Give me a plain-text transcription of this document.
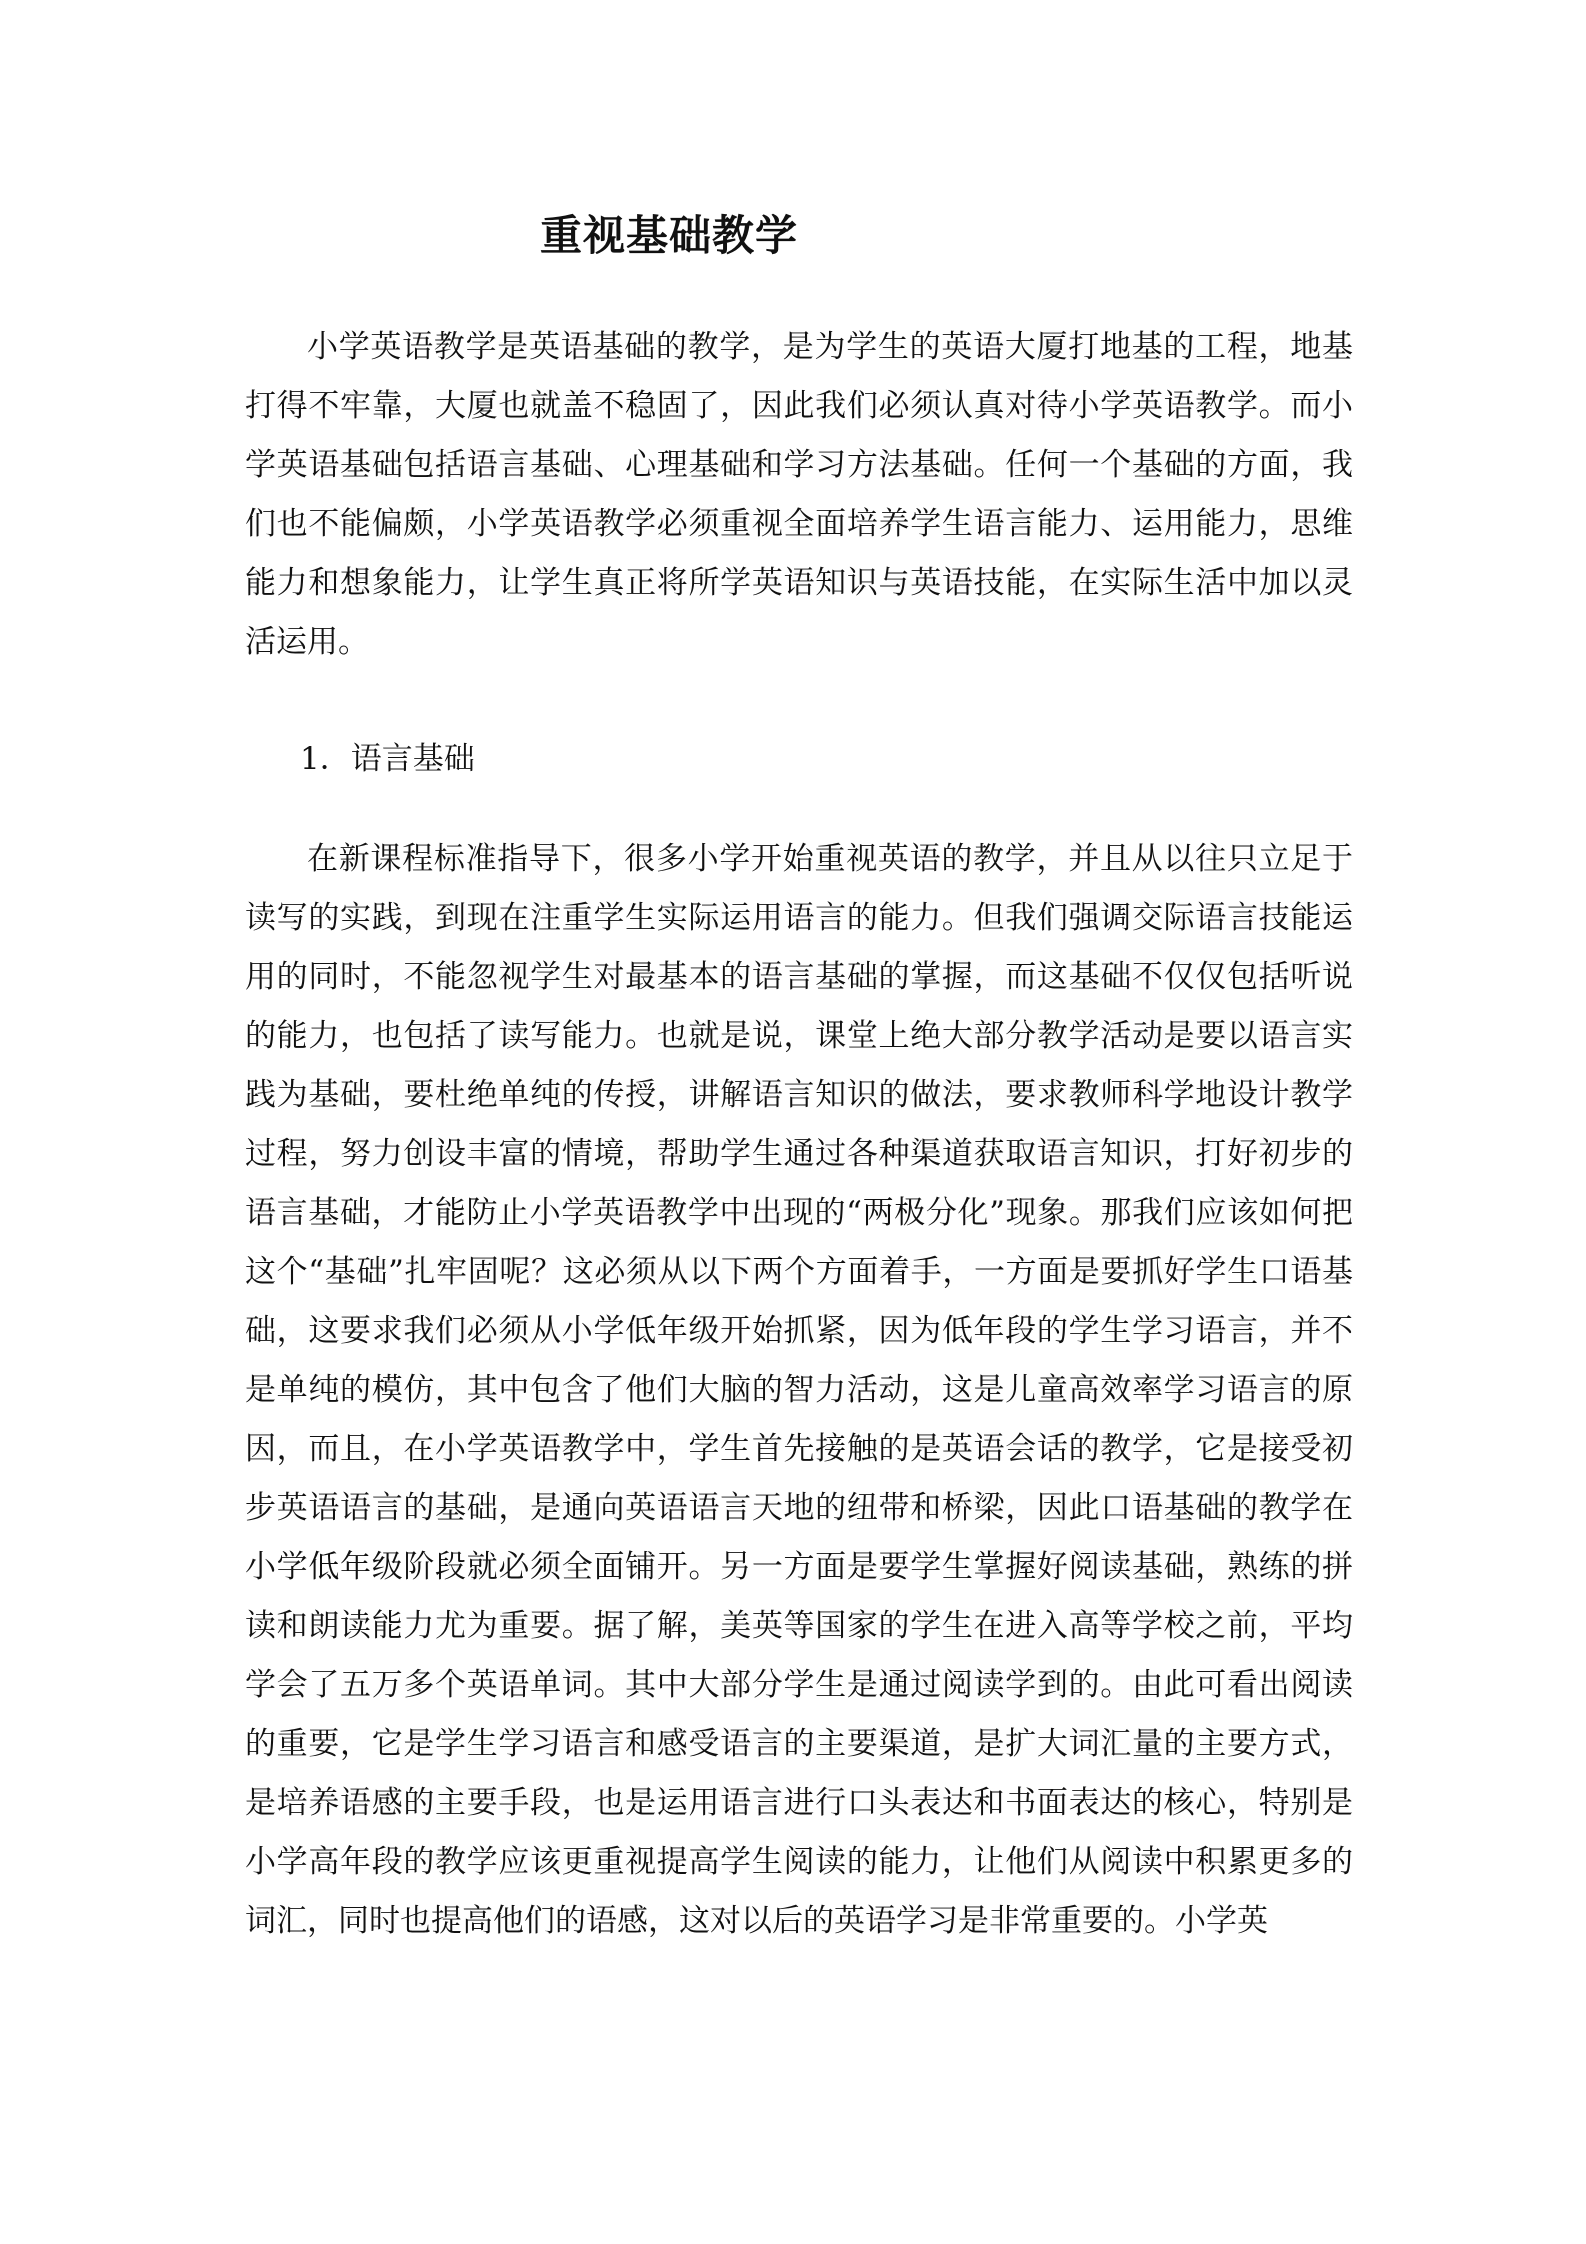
重视基础教学

小学英语教学是英语基础的教学，是为学生的英语大厦打地基的工程，地基打得不牢靠，大厦也就盖不稳固了，因此我们必须认真对待小学英语教学。而小学英语基础包括语言基础、心理基础和学习方法基础。任何一个基础的方面，我们也不能偏颇，小学英语教学必须重视全面培养学生语言能力、运用能力，思维能力和想象能力，让学生真正将所学英语知识与英语技能，在实际生活中加以灵活运用。

1．语言基础

在新课程标准指导下，很多小学开始重视英语的教学，并且从以往只立足于读写的实践，到现在注重学生实际运用语言的能力。但我们强调交际语言技能运用的同时，不能忽视学生对最基本的语言基础的掌握，而这基础不仅仅包括听说的能力，也包括了读写能力。也就是说，课堂上绝大部分教学活动是要以语言实践为基础，要杜绝单纯的传授，讲解语言知识的做法，要求教师科学地设计教学过程，努力创设丰富的情境，帮助学生通过各种渠道获取语言知识，打好初步的语言基础，才能防止小学英语教学中出现的“两极分化”现象。那我们应该如何把这个“基础”扎牢固呢？这必须从以下两个方面着手，一方面是要抓好学生口语基础，这要求我们必须从小学低年级开始抓紧，因为低年段的学生学习语言，并不是单纯的模仿，其中包含了他们大脑的智力活动，这是儿童高效率学习语言的原因，而且，在小学英语教学中，学生首先接触的是英语会话的教学，它是接受初步英语语言的基础，是通向英语语言天地的纽带和桥梁，因此口语基础的教学在小学低年级阶段就必须全面铺开。另一方面是要学生掌握好阅读基础，熟练的拼读和朗读能力尤为重要。据了解，美英等国家的学生在进入高等学校之前，平均学会了五万多个英语单词。其中大部分学生是通过阅读学到的。由此可看出阅读的重要，它是学生学习语言和感受语言的主要渠道，是扩大词汇量的主要方式，是培养语感的主要手段，也是运用语言进行口头表达和书面表达的核心，特别是小学高年段的教学应该更重视提高学生阅读的能力，让他们从阅读中积累更多的词汇，同时也提高他们的语感，这对以后的英语学习是非常重要的。小学英
